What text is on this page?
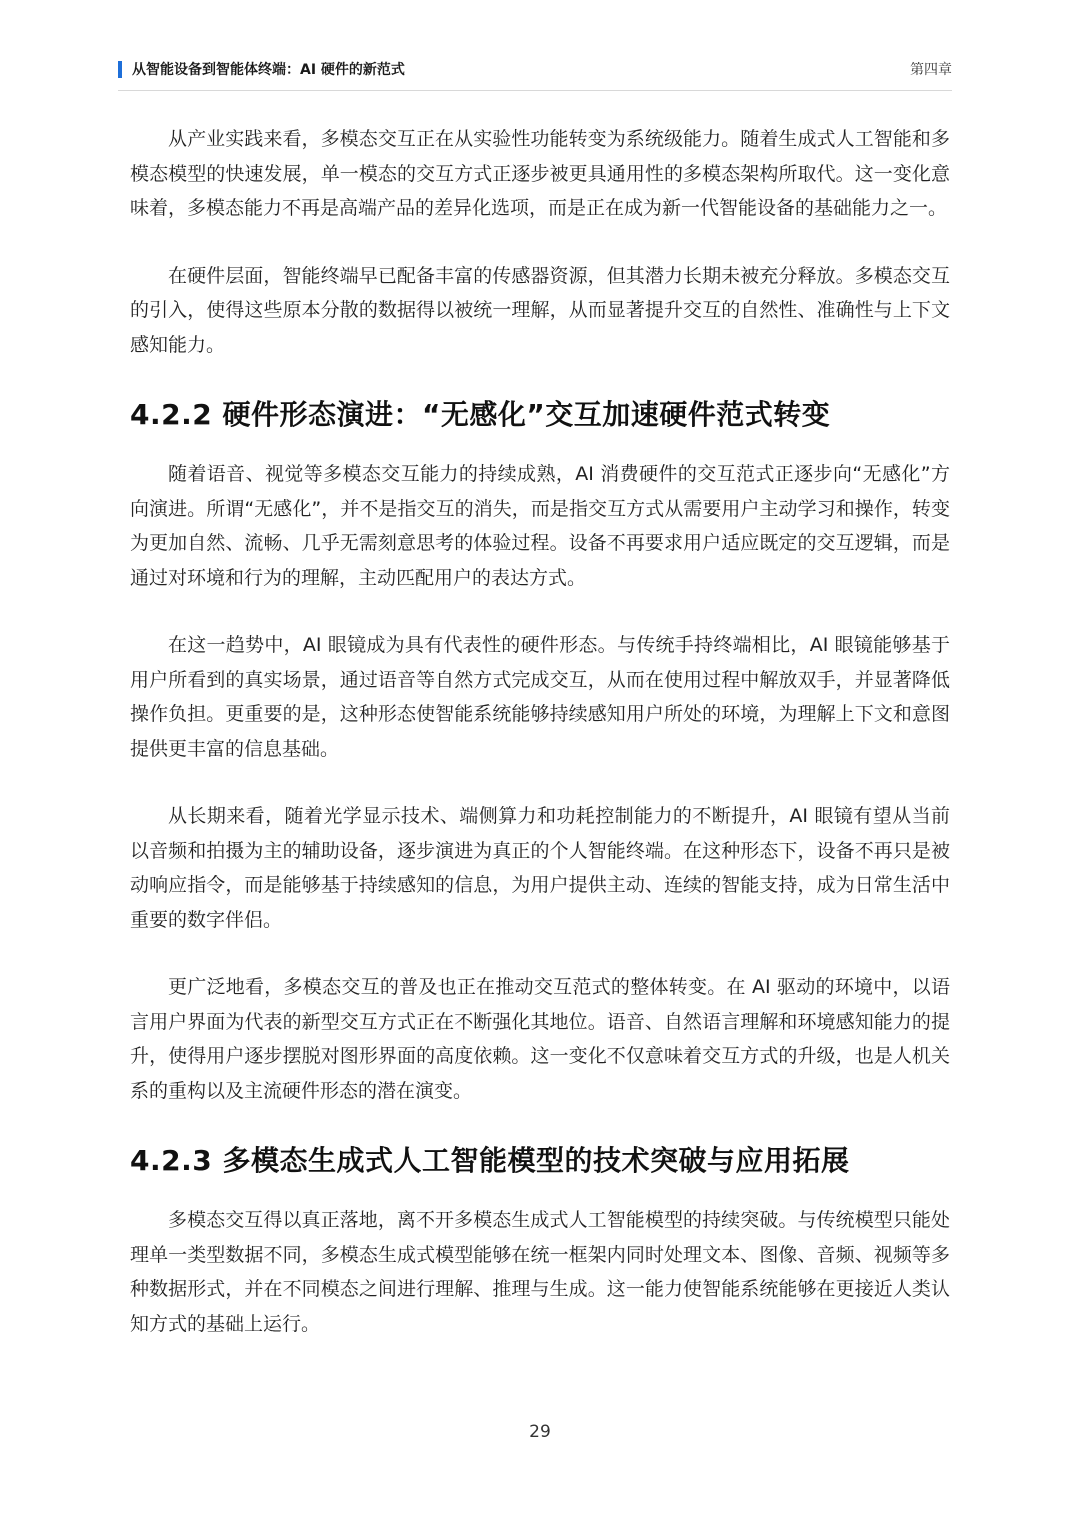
从智能设备到智能体终端：AI 硬件的新范式	第四章

从产业实践来看，多模态交互正在从实验性功能转变为系统级能力。随着生成式人工智能和多模态模型的快速发展，单一模态的交互方式正逐步被更具通用性的多模态架构所取代。这一变化意味着，多模态能力不再是高端产品的差异化选项，而是正在成为新一代智能设备的基础能力之一。

在硬件层面，智能终端早已配备丰富的传感器资源，但其潜力长期未被充分释放。多模态交互的引入，使得这些原本分散的数据得以被统一理解，从而显著提升交互的自然性、准确性与上下文感知能力。

4.2.2 硬件形态演进：“无感化”交互加速硬件范式转变

随着语音、视觉等多模态交互能力的持续成熟，AI 消费硬件的交互范式正逐步向“无感化”方向演进。所谓“无感化”，并不是指交互的消失，而是指交互方式从需要用户主动学习和操作，转变为更加自然、流畅、几乎无需刻意思考的体验过程。设备不再要求用户适应既定的交互逻辑，而是通过对环境和行为的理解，主动匹配用户的表达方式。

在这一趋势中，AI 眼镜成为具有代表性的硬件形态。与传统手持终端相比，AI 眼镜能够基于用户所看到的真实场景，通过语音等自然方式完成交互，从而在使用过程中解放双手，并显著降低操作负担。更重要的是，这种形态使智能系统能够持续感知用户所处的环境，为理解上下文和意图提供更丰富的信息基础。

从长期来看，随着光学显示技术、端侧算力和功耗控制能力的不断提升，AI 眼镜有望从当前以音频和拍摄为主的辅助设备，逐步演进为真正的个人智能终端。在这种形态下，设备不再只是被动响应指令，而是能够基于持续感知的信息，为用户提供主动、连续的智能支持，成为日常生活中重要的数字伴侣。

更广泛地看，多模态交互的普及也正在推动交互范式的整体转变。在 AI 驱动的环境中，以语言用户界面为代表的新型交互方式正在不断强化其地位。语音、自然语言理解和环境感知能力的提升，使得用户逐步摆脱对图形界面的高度依赖。这一变化不仅意味着交互方式的升级，也是人机关系的重构以及主流硬件形态的潜在演变。

4.2.3 多模态生成式人工智能模型的技术突破与应用拓展

多模态交互得以真正落地，离不开多模态生成式人工智能模型的持续突破。与传统模型只能处理单一类型数据不同，多模态生成式模型能够在统一框架内同时处理文本、图像、音频、视频等多种数据形式，并在不同模态之间进行理解、推理与生成。这一能力使智能系统能够在更接近人类认知方式的基础上运行。

29
